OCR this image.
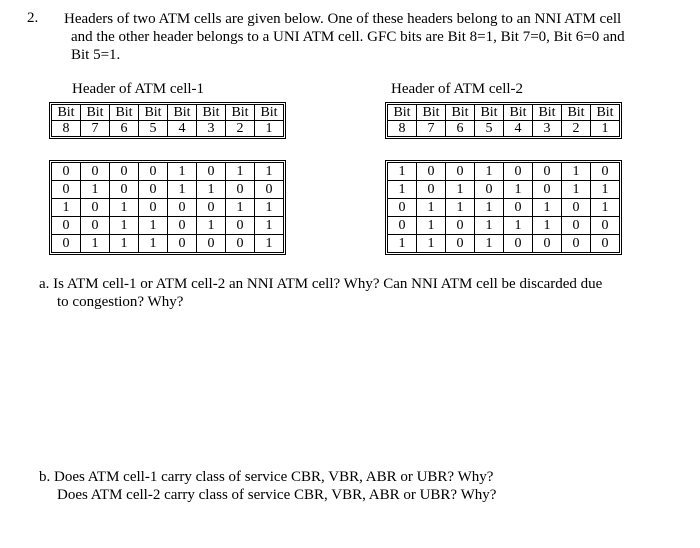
2. Headers of two ATM cells are given below. One of these headers belong to an NNI ATM cell
and the other header belongs to a UNI ATM cell. GFC bits are Bit 8=1, Bit 7=0, Bit 6=0 and
Bit 5=1.
Header of ATM cell-1	Header of ATM cell-2
Bit	Bit	Bit	Bit	Bit	Bit	Bit	Bit
8	7	6	5	4	3	2	1
Bit	Bit	Bit	Bit	Bit	Bit	Bit	Bit
8	7	6	5	4	3	2	1
0	0	0	0	1	0	1	1
0	1	0	0	1	1	0	0
1	0	1	0	0	0	1	1
0	0	1	1	0	1	0	1
0	1	1	1	0	0	0	1
1	0	0	1	0	0	1	0
1	0	1	0	1	0	1	1
0	1	1	1	0	1	0	1
0	1	0	1	1	1	0	0
1	1	0	1	0	0	0	0
a. Is ATM cell-1 or ATM cell-2 an NNI ATM cell? Why? Can NNI ATM cell be discarded due
to congestion? Why?
b. Does ATM cell-1 carry class of service CBR, VBR, ABR or UBR? Why?
Does ATM cell-2 carry class of service CBR, VBR, ABR or UBR? Why?
